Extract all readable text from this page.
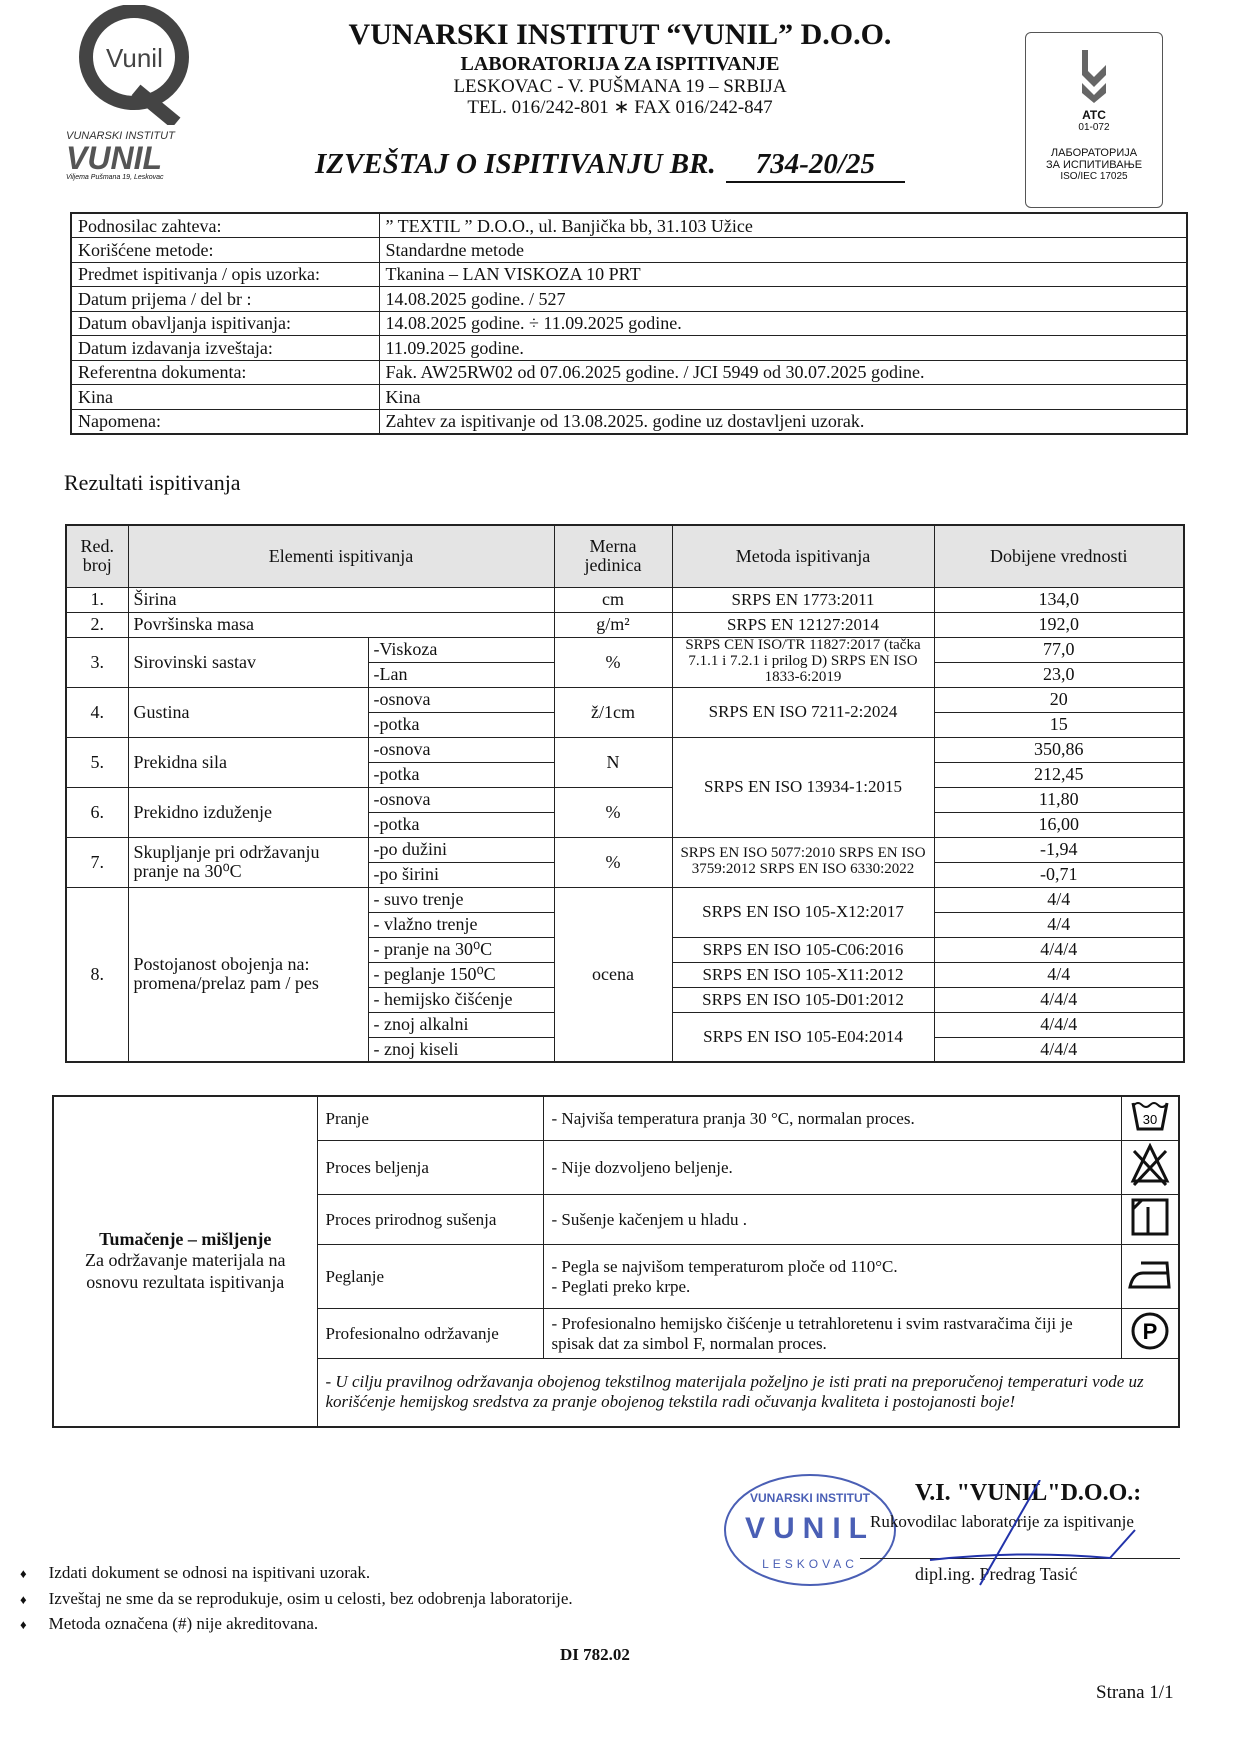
Vunil
VUNARSKI INSTITUT
VUNIL
Viljema Pušmana 19, Leskovac
VUNARSKI INSTITUT “VUNIL” D.O.O.
LABORATORIJA ZA ISPITIVANJE
LESKOVAC - V. PUŠMANA 19 – SRBIJA
TEL. 016/242-801 ∗ FAX 016/242-847
IZVEŠTAJ O ISPITIVANJU BR. 734-20/25
ATC
01-072
ЛАБОРАТОРИЈА
ЗА ИСПИТИВАЊЕ
ISO/IEC 17025
Podnosilac zahteva:	” TEXTIL ” D.O.O., ul. Banjička bb, 31.103 Užice
Korišćene metode:	Standardne metode
Predmet ispitivanja / opis uzorka:	Tkanina – LAN VISKOZA 10 PRT
Datum prijema / del br :	14.08.2025 godine. / 527
Datum obavljanja ispitivanja:	14.08.2025 godine. ÷ 11.09.2025 godine.
Datum izdavanja izveštaja:	11.09.2025 godine.
Referentna dokumenta:	Fak. AW25RW02 od 07.06.2025 godine. / JCI 5949 od 30.07.2025 godine.
Kina	Kina
Napomena:	Zahtev za ispitivanje od 13.08.2025. godine uz dostavljeni uzorak.
Rezultati ispitivanja
Red. broj	Elementi ispitivanja		Merna jedinica	Metoda ispitivanja	Dobijene vrednosti
1.	Širina		cm	SRPS EN 1773:2011	134,0
2.	Površinska masa		g/m²	SRPS EN 12127:2014	192,0
3.	Sirovinski sastav	-Viskoza	%	SRPS CEN ISO/TR 11827:2017 (tačka 7.1.1 i 7.2.1 i prilog D) SRPS EN ISO 1833-6:2019	77,0
		-Lan			23,0
4.	Gustina	-osnova	ž/1cm	SRPS EN ISO 7211-2:2024	20
		-potka			15
5.	Prekidna sila	-osnova	N	SRPS EN ISO 13934-1:2015	350,86
		-potka			212,45
6.	Prekidno izduženje	-osnova	%		11,80
		-potka			16,00
7.	Skupljanje pri održavanju pranje na 30⁰C	-po dužini	%	SRPS EN ISO 5077:2010 SRPS EN ISO 3759:2012 SRPS EN ISO 6330:2022	-1,94
		-po širini			-0,71
8.	Postojanost obojenja na: promena/prelaz pam / pes	- suvo trenje	ocena	SRPS EN ISO 105-X12:2017	4/4
		- vlažno trenje			4/4
		- pranje na 30⁰C		SRPS EN ISO 105-C06:2016	4/4/4
		- peglanje 150⁰C		SRPS EN ISO 105-X11:2012	4/4
		- hemijsko čišćenje		SRPS EN ISO 105-D01:2012	4/4/4
		- znoj alkalni		SRPS EN ISO 105-E04:2014	4/4/4
		- znoj kiseli			4/4/4
Tumačenje – mišljenje
Za održavanje materijala na osnovu rezultata ispitivanja	Pranje	- Najviša temperatura pranja 30 °C, normalan proces.	30

	Proces beljenja	- Nije dozvoljeno beljenje.

	Proces prirodnog sušenja	- Sušenje kačenjem u hladu .

	Peglanje	- Pegla se najvišom temperaturom ploče od 110°C.
- Peglati preko krpe.

	Profesionalno održavanje	- Profesionalno hemijsko čišćenje u tetrahloretenu i svim rastvaračima čiji je spisak dat za simbol F, normalan proces.	P

	- U cilju pravilnog održavanja obojenog tekstilnog materijala poželjno je isti prati na preporučenoj temperaturi vode uz korišćenje hemijskog sredstva za pranje obojenog tekstila radi očuvanja kvaliteta i postojanosti boje!		
VUNARSKI INSTITUT
VUNIL
LESKOVAC
V.I. "VUNIL"D.O.O.:
Rukovodilac laboratorije za ispitivanje
dipl.ing. Predrag Tasić
♦ Izdati dokument se odnosi na ispitivani uzorak.
♦ Izveštaj ne sme da se reprodukuje, osim u celosti, bez odobrenja laboratorije.
♦ Metoda označena (#) nije akreditovana.
DI 782.02
Strana 1/1
